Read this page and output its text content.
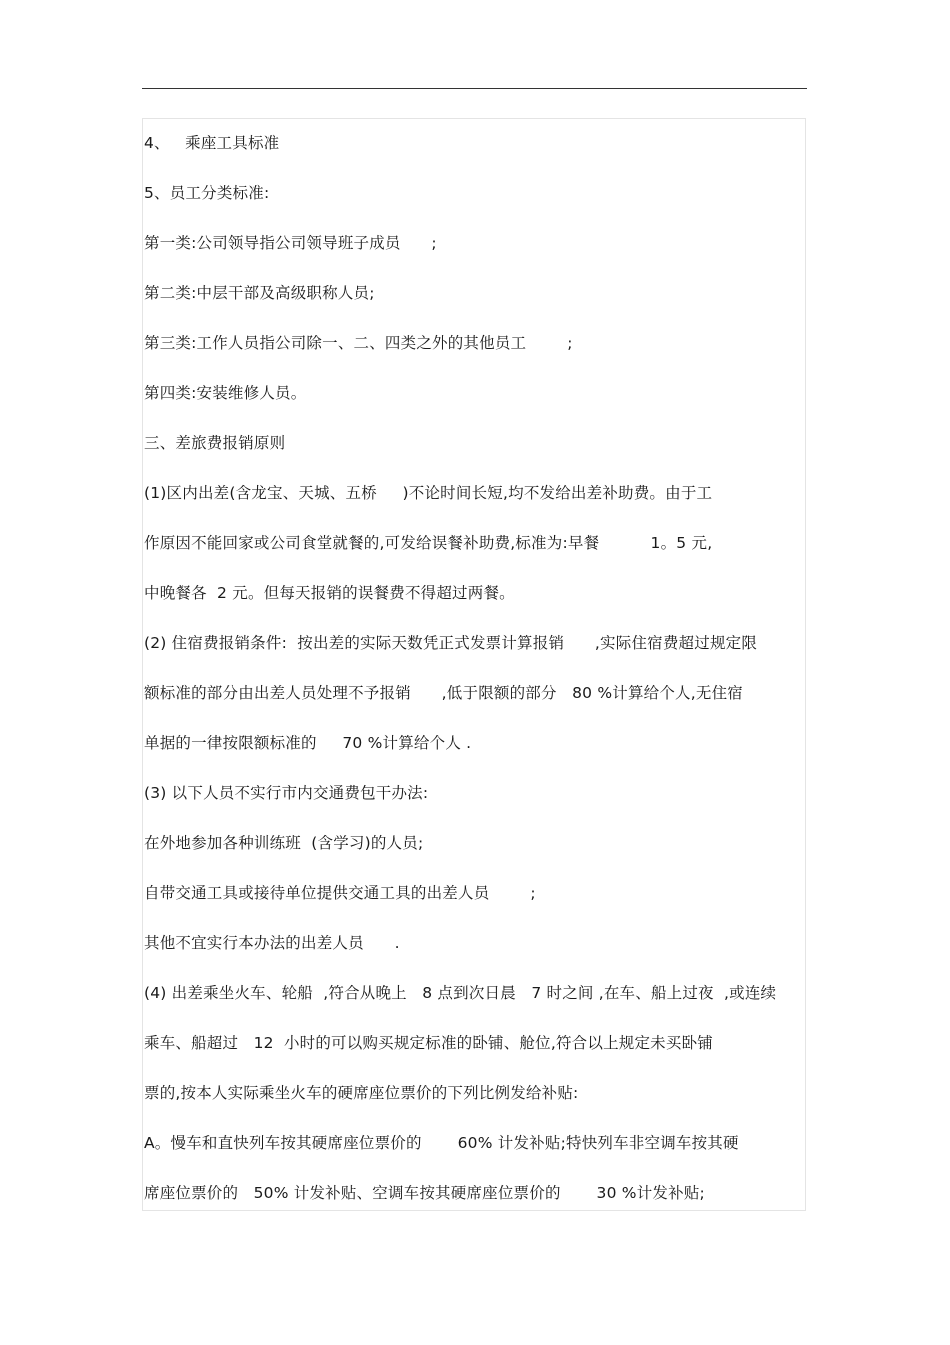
4、   乘座工具标准
5、员工分类标准:
第一类:公司领导指公司领导班子成员      ;
第二类:中层干部及高级职称人员;
第三类:工作人员指公司除一、二、四类之外的其他员工        ;
第四类:安装维修人员。
三、差旅费报销原则
(1)区内出差(含龙宝、天城、五桥     )不论时间长短,均不发给出差补助费。由于工
作原因不能回家或公司食堂就餐的,可发给误餐补助费,标准为:早餐          1。5 元,
中晚餐各  2 元。但每天报销的误餐费不得超过两餐。
(2) 住宿费报销条件:  按出差的实际天数凭正式发票计算报销      ,实际住宿费超过规定限
额标准的部分由出差人员处理不予报销      ,低于限额的部分   80 %计算给个人,无住宿
单据的一律按限额标准的     70 %计算给个人 .
(3) 以下人员不实行市内交通费包干办法:
在外地参加各种训练班  (含学习)的人员;
自带交通工具或接待单位提供交通工具的出差人员        ;
其他不宜实行本办法的出差人员      .
(4) 出差乘坐火车、轮船  ,符合从晚上   8 点到次日晨   7 时之间 ,在车、船上过夜  ,或连续
乘车、船超过   12  小时的可以购买规定标准的卧铺、舱位,符合以上规定未买卧铺
票的,按本人实际乘坐火车的硬席座位票价的下列比例发给补贴:
A。慢车和直快列车按其硬席座位票价的       60% 计发补贴;特快列车非空调车按其硬
席座位票价的   50% 计发补贴、空调车按其硬席座位票价的       30 %计发补贴;
